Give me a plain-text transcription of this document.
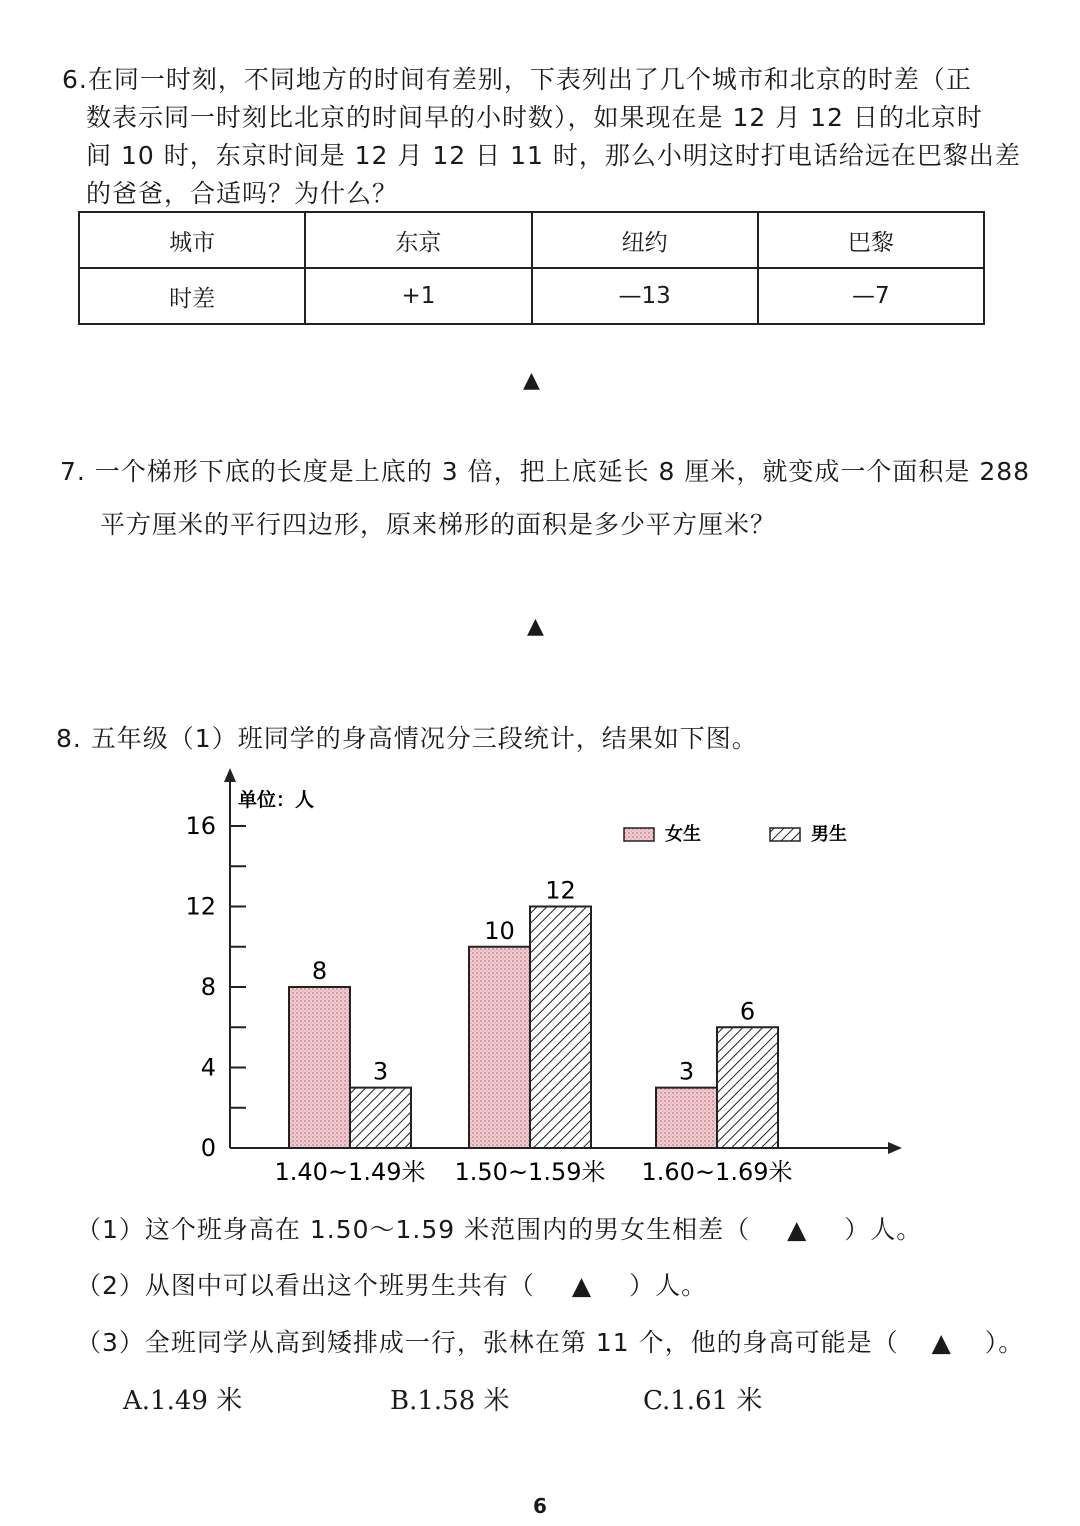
6.在同一时刻，不同地方的时间有差别，下表列出了几个城市和北京的时差（正
数表示同一时刻比北京的时间早的小时数），如果现在是 12 月 12 日的北京时
间 10 时，东京时间是 12 月 12 日 11 时，那么小明这时打电话给远在巴黎出差
的爸爸，合适吗？为什么？
城市	东京	纽约	巴黎
时差	+1	—13	—7
▲
7. 一个梯形下底的长度是上底的 3 倍，把上底延长 8 厘米，就变成一个面积是 288
平方厘米的平行四边形，原来梯形的面积是多少平方厘米？
▲
8. 五年级（1）班同学的身高情况分三段统计，结果如下图。
单位：人
0
4
8
12
16	女生	男生
8
3
1.40~1.49米
10
12
1.50~1.59米
3
6
1.60~1.69米
（1）这个班身高在 1.50～1.59 米范围内的男女生相差（ ▲ ）人。
（2）从图中可以看出这个班男生共有（ ▲ ）人。
（3）全班同学从高到矮排成一行，张林在第 11 个，他的身高可能是（ ▲ ）。
A.1.49 米	B.1.58 米	C.1.61 米
6
